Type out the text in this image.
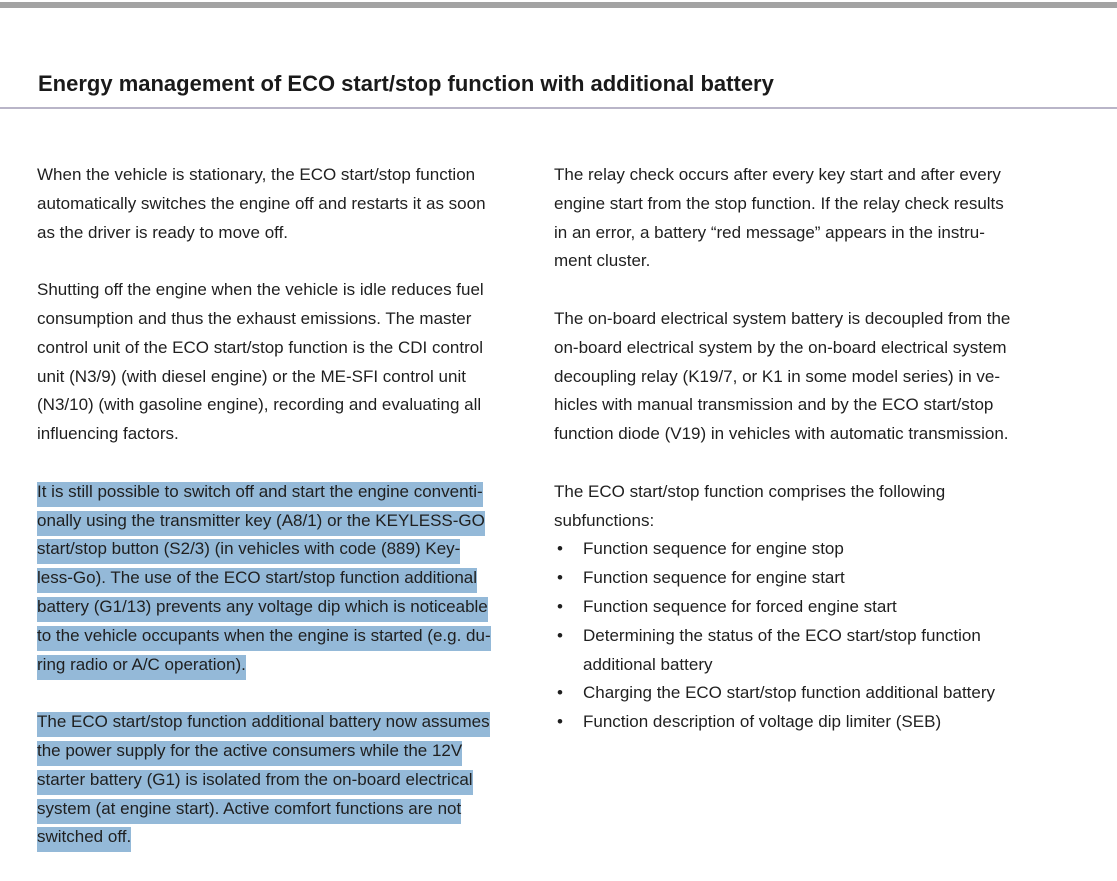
Energy management of ECO start/stop function with additional battery

When the vehicle is stationary, the ECO start/stop function
automatically switches the engine off and restarts it as soon
as the driver is ready to move off.

Shutting off the engine when the vehicle is idle reduces fuel
consumption and thus the exhaust emissions. The master
control unit of the ECO start/stop function is the CDI control
unit (N3/9) (with diesel engine) or the ME-SFI control unit
(N3/10) (with gasoline engine), recording and evaluating all
influencing factors.

It is still possible to switch off and start the engine conventi-
onally using the transmitter key (A8/1) or the KEYLESS-GO
start/stop button (S2/3) (in vehicles with code (889) Key-
less-Go). The use of the ECO start/stop function additional
battery (G1/13) prevents any voltage dip which is noticeable
to the vehicle occupants when the engine is started (e.g. du-
ring radio or A/C operation).

The ECO start/stop function additional battery now assumes
the power supply for the active consumers while the 12V
starter battery (G1) is isolated from the on-board electrical
system (at engine start). Active comfort functions are not
switched off.

The relay check occurs after every key start and after every
engine start from the stop function. If the relay check results
in an error, a battery “red message” appears in the instru-
ment cluster.

The on-board electrical system battery is decoupled from the
on-board electrical system by the on-board electrical system
decoupling relay (K19/7, or K1 in some model series) in ve-
hicles with manual transmission and by the ECO start/stop
function diode (V19) in vehicles with automatic transmission.

The ECO start/stop function comprises the following
subfunctions:

• Function sequence for engine stop
• Function sequence for engine start
• Function sequence for forced engine start
• Determining the status of the ECO start/stop function
additional battery
• Charging the ECO start/stop function additional battery
• Function description of voltage dip limiter (SEB)
